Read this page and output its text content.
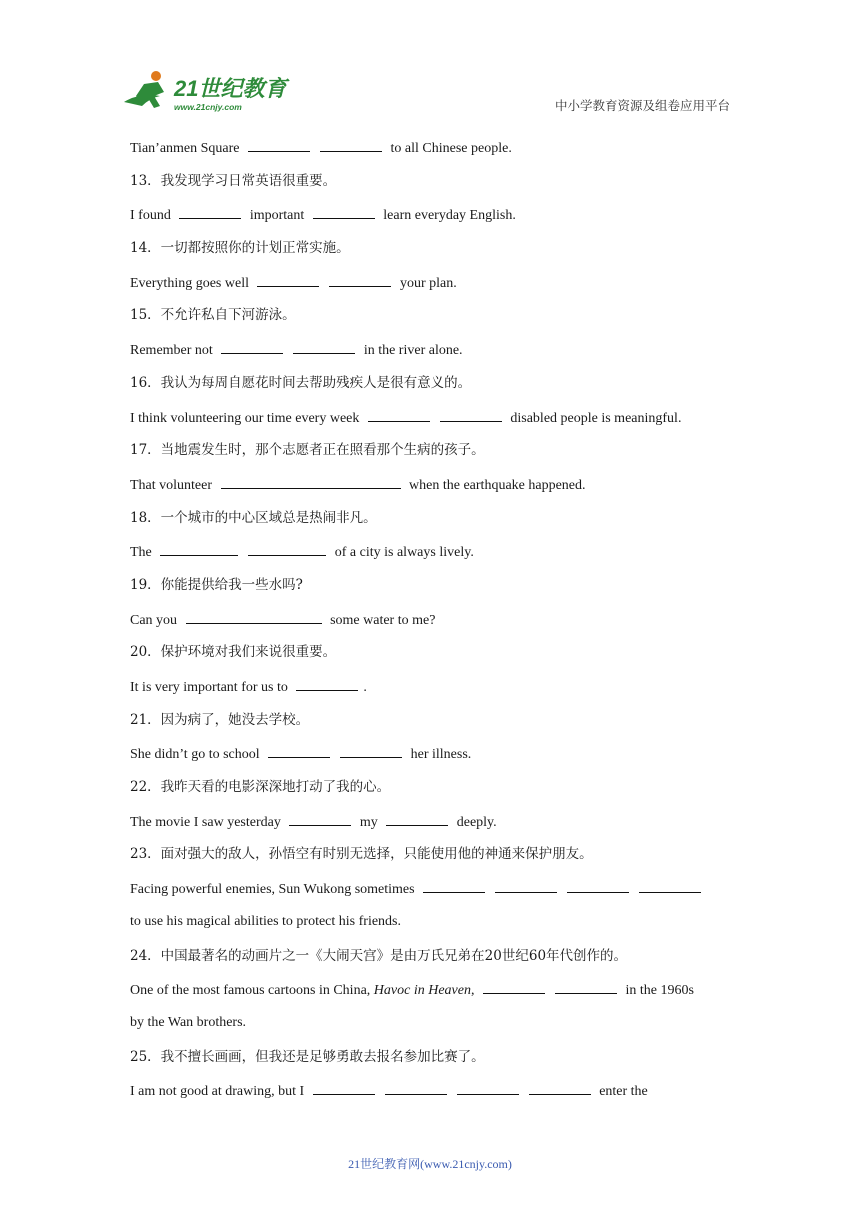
21世纪教育
www.21cnjy.com	中小学教育资源及组卷应用平台
Tian’anmen Square	to all Chinese people.
13．我发现学习日常英语很重要。
I found	important	learn everyday English.
14．一切都按照你的计划正常实施。
Everything goes well	your plan.
15．不允许私自下河游泳。
Remember not	in the river alone.
16．我认为每周自愿花时间去帮助残疾人是很有意义的。
I think volunteering our time every week	disabled people is meaningful.
17．当地震发生时，那个志愿者正在照看那个生病的孩子。
That volunteer	when the earthquake happened.
18．一个城市的中心区域总是热闹非凡。
The	of a city is always lively.
19．你能提供给我一些水吗?
Can you	some water to me?
20．保护环境对我们来说很重要。
It is very important for us to	.
21．因为病了，她没去学校。
She didn’t go to school	her illness.
22．我昨天看的电影深深地打动了我的心。
The movie I saw yesterday	my	deeply.
23．面对强大的敌人，孙悟空有时别无选择，只能使用他的神通来保护朋友。
Facing powerful enemies, Sun Wukong sometimes
to use his magical abilities to protect his friends.
24．中国最著名的动画片之一《大闹天宫》是由万氏兄弟在20世纪60年代创作的。
One of the most famous cartoons in China, Havoc in Heaven,	in the 1960s
by the Wan brothers.
25．我不擅长画画，但我还是足够勇敢去报名参加比赛了。
I am not good at drawing, but I	enter the
21世纪教育网(www.21cnjy.com)
